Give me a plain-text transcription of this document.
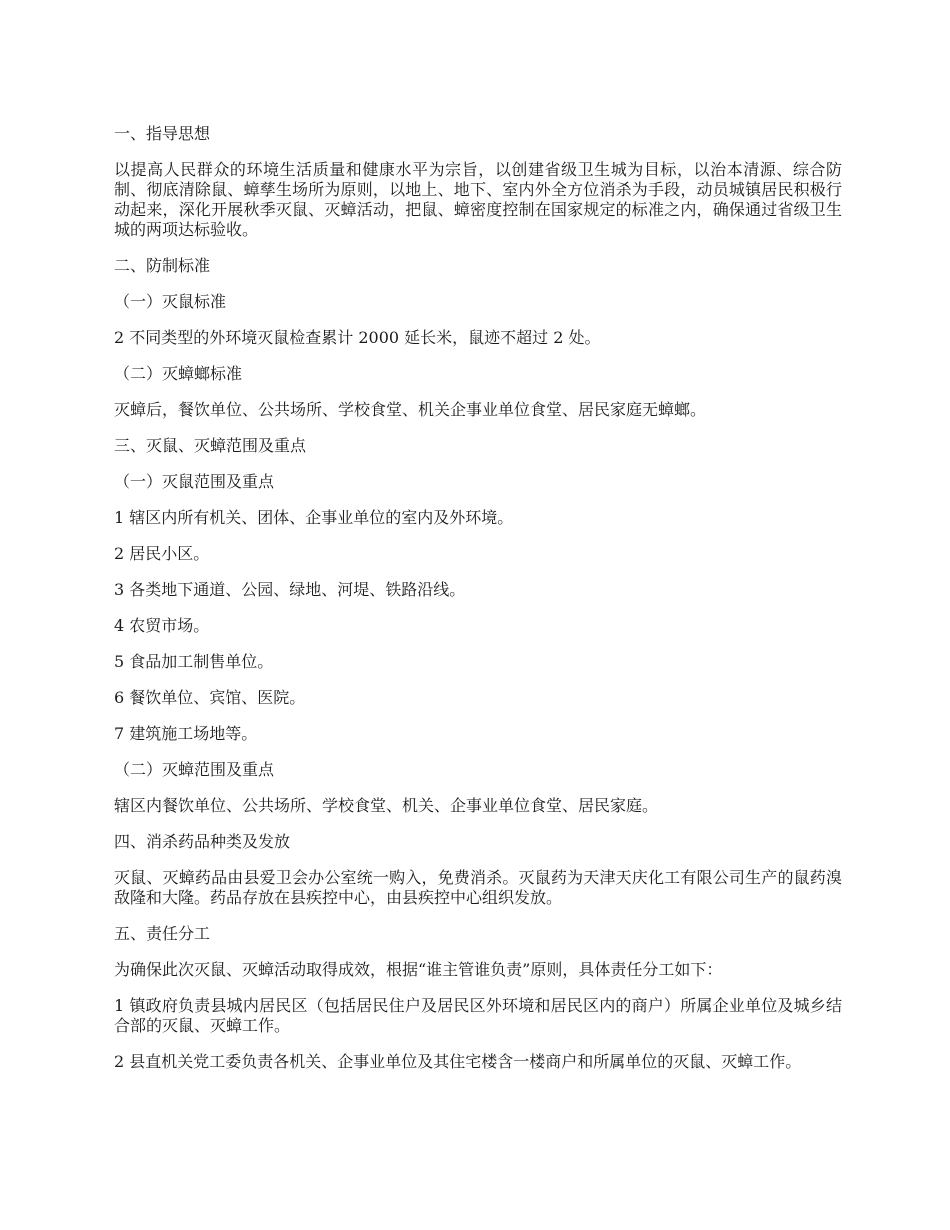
一、指导思想

以提高人民群众的环境生活质量和健康水平为宗旨，以创建省级卫生城为目标，以治本清源、综合防制、彻底清除鼠、蟑孳生场所为原则，以地上、地下、室内外全方位消杀为手段，动员城镇居民积极行动起来，深化开展秋季灭鼠、灭蟑活动，把鼠、蟑密度控制在国家规定的标准之内，确保通过省级卫生城的两项达标验收。

二、防制标准

（一）灭鼠标准

2 不同类型的外环境灭鼠检查累计 2000 延长米，鼠迹不超过 2 处。

（二）灭蟑螂标准

灭蟑后，餐饮单位、公共场所、学校食堂、机关企事业单位食堂、居民家庭无蟑螂。

三、灭鼠、灭蟑范围及重点

（一）灭鼠范围及重点

1 辖区内所有机关、团体、企事业单位的室内及外环境。

2 居民小区。

3 各类地下通道、公园、绿地、河堤、铁路沿线。

4 农贸市场。

5 食品加工制售单位。

6 餐饮单位、宾馆、医院。

7 建筑施工场地等。

（二）灭蟑范围及重点

辖区内餐饮单位、公共场所、学校食堂、机关、企事业单位食堂、居民家庭。

四、消杀药品种类及发放

灭鼠、灭蟑药品由县爱卫会办公室统一购入，免费消杀。灭鼠药为天津天庆化工有限公司生产的鼠药溴敌隆和大隆。药品存放在县疾控中心，由县疾控中心组织发放。

五、责任分工

为确保此次灭鼠、灭蟑活动取得成效，根据“谁主管谁负责”原则，具体责任分工如下：

1 镇政府负责县城内居民区（包括居民住户及居民区外环境和居民区内的商户）所属企业单位及城乡结合部的灭鼠、灭蟑工作。

2 县直机关党工委负责各机关、企事业单位及其住宅楼含一楼商户和所属单位的灭鼠、灭蟑工作。
